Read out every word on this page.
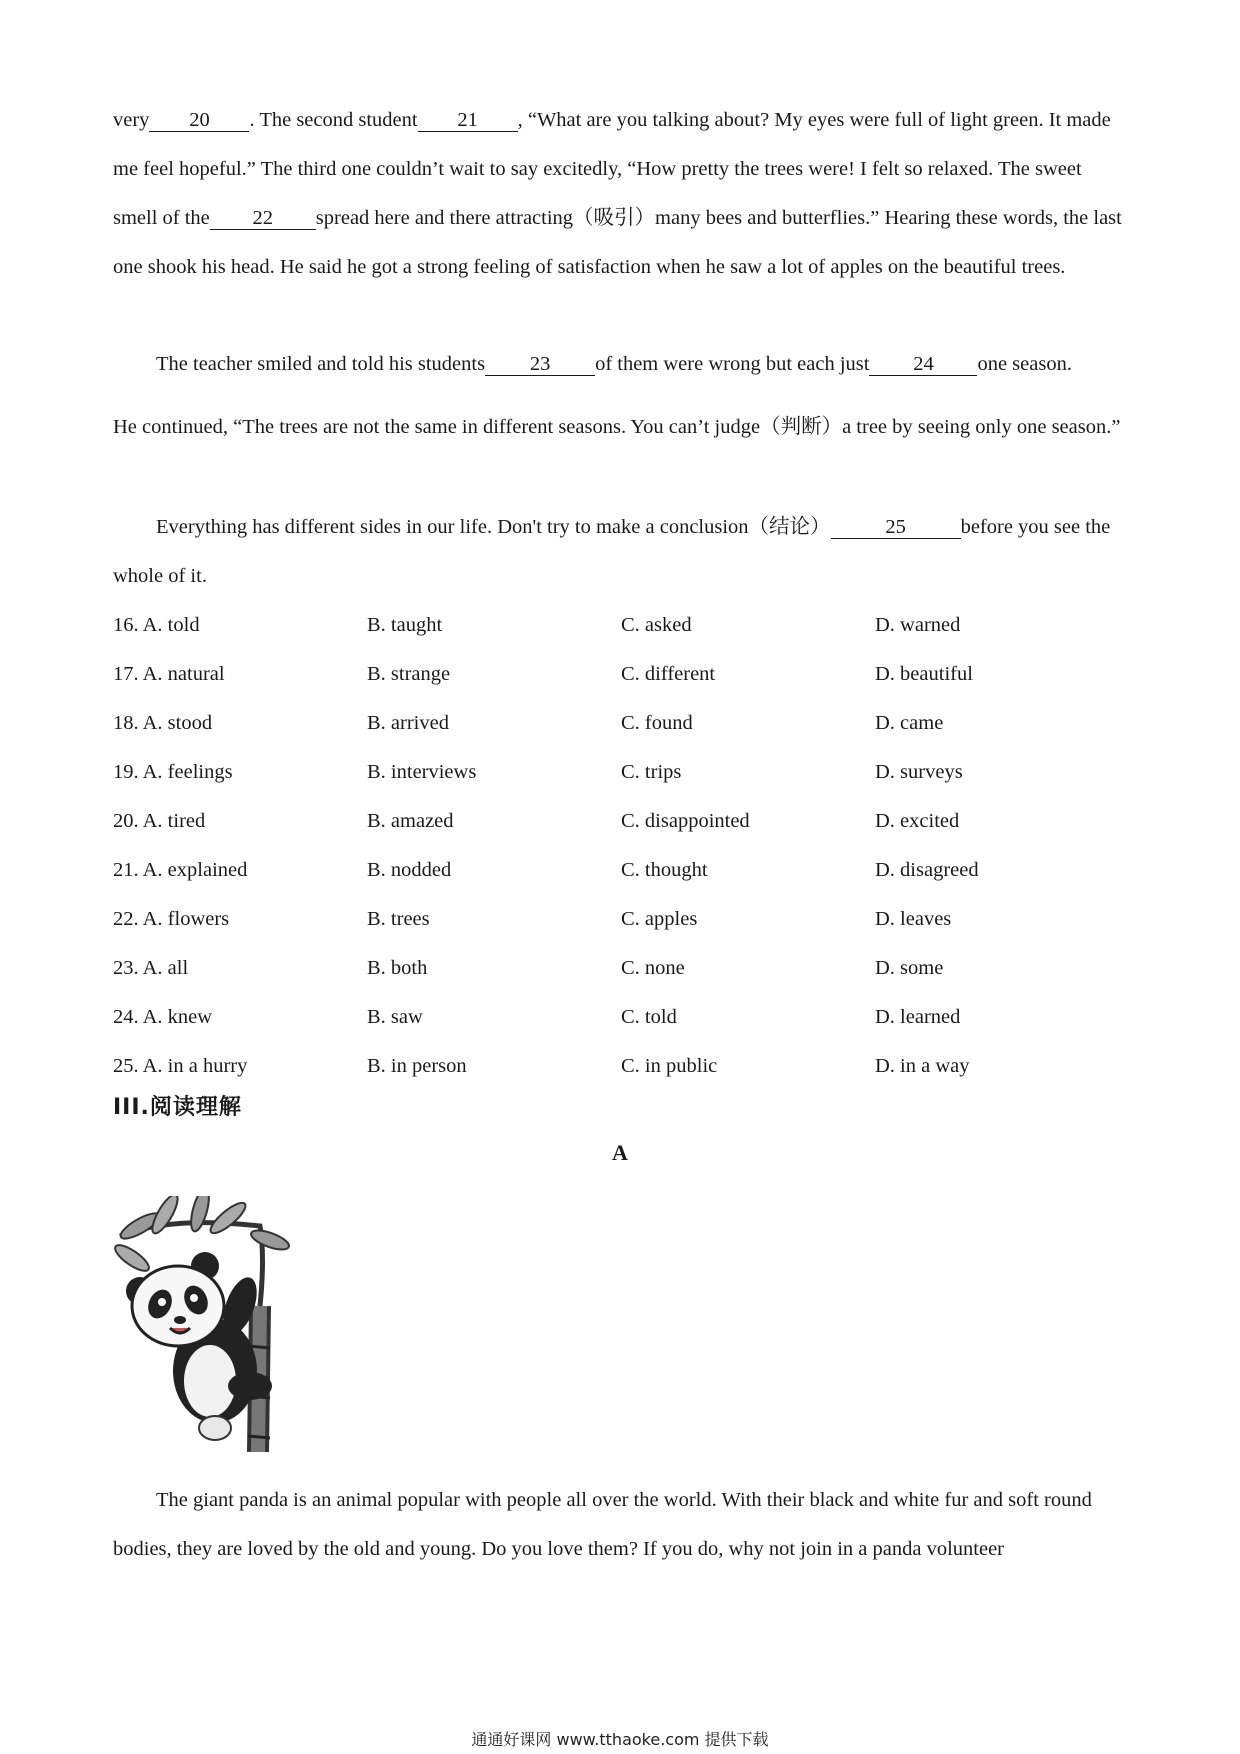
very 20 . The second student 21 , “What are you talking about? My eyes were full of light green. It made me feel hopeful.” The third one couldn’t wait to say excitedly, “How pretty the trees were! I felt so relaxed. The sweet smell of the 22 spread here and there attracting（吸引）many bees and butterflies.” Hearing these words, the last one shook his head. He said he got a strong feeling of satisfaction when he saw a lot of apples on the beautiful trees.

The teacher smiled and told his students 23 of them were wrong but each just 24 one season.

He continued, “The trees are not the same in different seasons. You can’t judge（判断）a tree by seeing only one season.”

Everything has different sides in our life. Don't try to make a conclusion（结论）	25	before you see the whole of it.

16. A. told	B. taught	C. asked	D. warned
17. A. natural	B. strange	C. different	D. beautiful
18. A. stood	B. arrived	C. found	D. came
19. A. feelings	B. interviews	C. trips	D. surveys
20. A. tired	B. amazed	C. disappointed	D. excited
21. A. explained	B. nodded	C. thought	D. disagreed
22. A. flowers	B. trees	C. apples	D. leaves
23. A. all	B. both	C. none	D. some
24. A. knew	B. saw	C. told	D. learned
25. A. in a hurry	B. in person	C. in public	D. in a way
III.阅读理解
A

The giant panda is an animal popular with people all over the world. With their black and white fur and soft round bodies, they are loved by the old and young. Do you love them? If you do, why not join in a panda volunteer

通通好课网 www.tthaoke.com 提供下载
